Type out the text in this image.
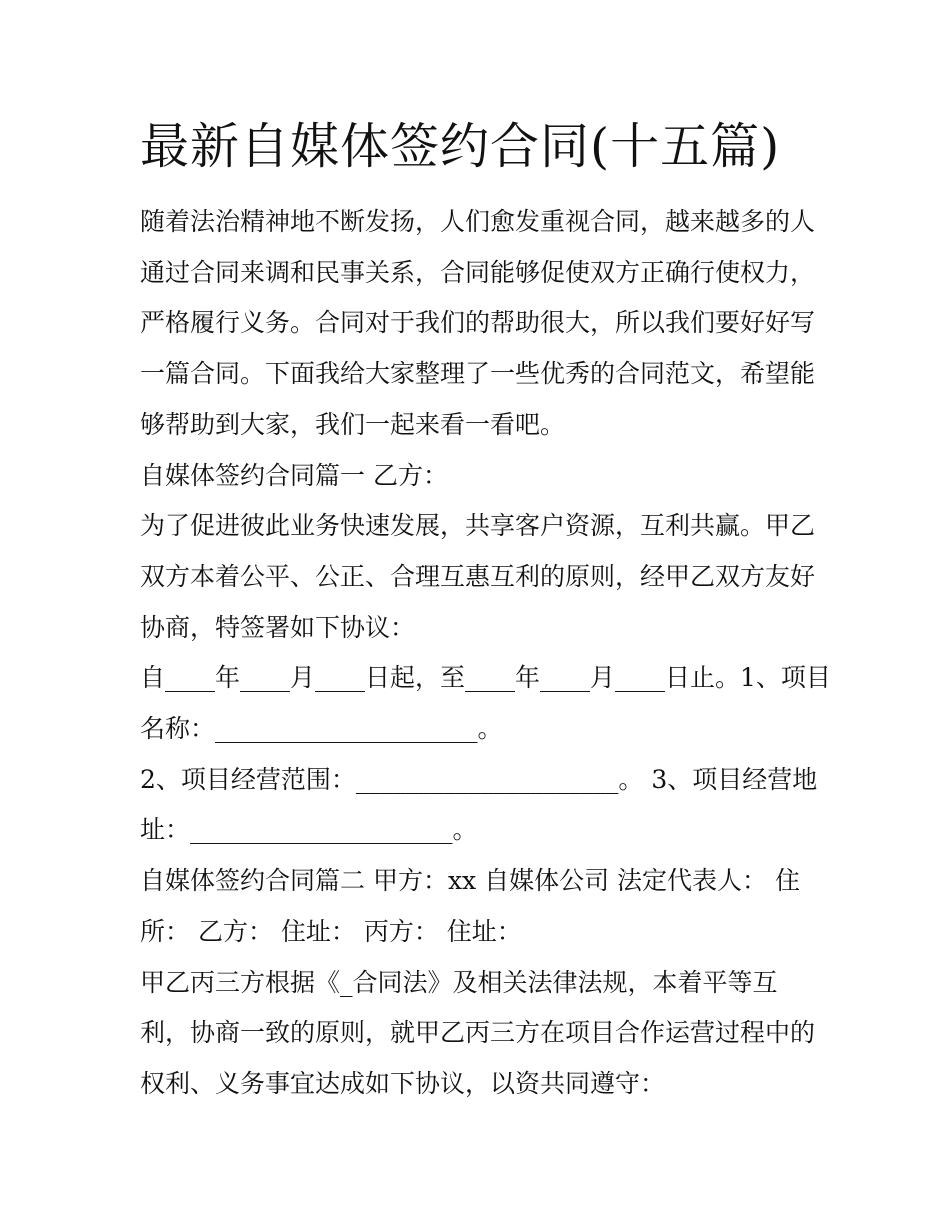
最新自媒体签约合同(十五篇)
随着法治精神地不断发扬，人们愈发重视合同，越来越多的人
通过合同来调和民事关系，合同能够促使双方正确行使权力，
严格履行义务。合同对于我们的帮助很大，所以我们要好好写
一篇合同。下面我给大家整理了一些优秀的合同范文，希望能
够帮助到大家，我们一起来看一看吧。
自媒体签约合同篇一 乙方：
为了促进彼此业务快速发展，共享客户资源，互利共赢。甲乙
双方本着公平、公正、合理互惠互利的原则，经甲乙双方友好
协商，特签署如下协议：
自____年____月____日起，至____年____月____日止。1、项目
名称：_____________________。
2、项目经营范围：_____________________。 3、项目经营地
址：_____________________。
自媒体签约合同篇二 甲方：xx 自媒体公司 法定代表人： 住
所： 乙方： 住址： 丙方： 住址：
甲乙丙三方根据《_合同法》及相关法律法规，本着平等互
利，协商一致的原则，就甲乙丙三方在项目合作运营过程中的
权利、义务事宜达成如下协议，以资共同遵守：
